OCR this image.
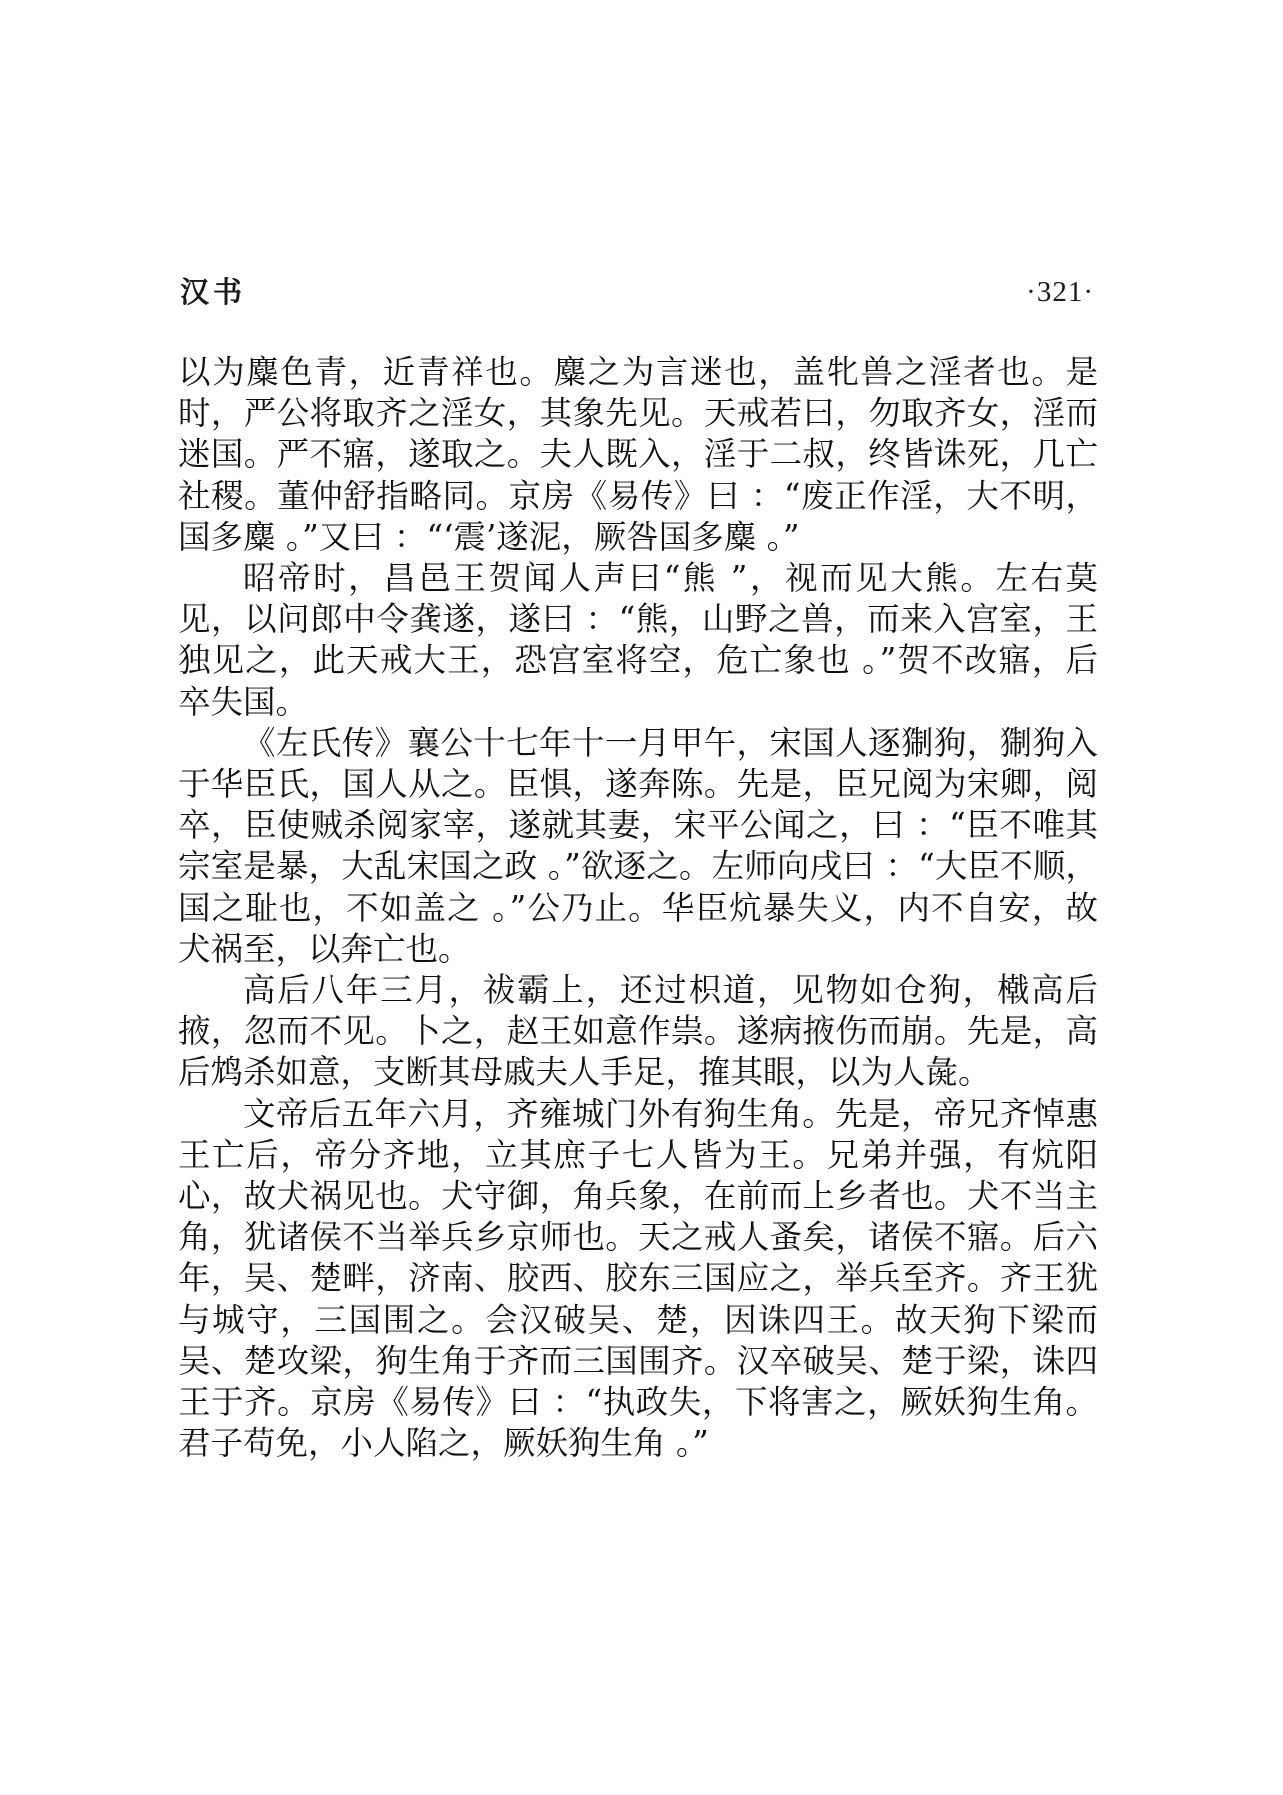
汉书	·321·

以为麋色青，近青祥也。麋之为言迷也，盖牝兽之淫者也。是时，严公将取齐之淫女，其象先见。天戒若曰，勿取齐女，淫而迷国。严不寤，遂取之。夫人既入，淫于二叔，终皆诛死，几亡社稷。董仲舒指略同。京房《易传》曰 ：“废正作淫，大不明，国多麋 。”又曰 ：“‘震’遂泥，厥咎国多麋 。”

昭帝时，昌邑王贺闻人声曰“熊 ”，视而见大熊。左右莫见，以问郎中令龚遂，遂曰 ：“熊，山野之兽，而来入宫室，王独见之，此天戒大王，恐宫室将空，危亡象也 。”贺不改寤，后卒失国。

《左氏传》襄公十七年十一月甲午，宋国人逐猘狗，猘狗入于华臣氏，国人从之。臣惧，遂奔陈。先是，臣兄阅为宋卿，阅卒，臣使贼杀阅家宰，遂就其妻，宋平公闻之，曰 ：“臣不唯其宗室是暴，大乱宋国之政 。”欲逐之。左师向戌曰 ：“大臣不顺，国之耻也，不如盖之 。”公乃止。华臣炕暴失义，内不自安，故犬祸至，以奔亡也。

高后八年三月，祓霸上，还过枳道，见物如仓狗，橶高后掖，忽而不见。卜之，赵王如意作祟。遂病掖伤而崩。先是，高后鸩杀如意，支断其母戚夫人手足，搉其眼，以为人彘。

文帝后五年六月，齐雍城门外有狗生角。先是，帝兄齐悼惠王亡后，帝分齐地，立其庶子七人皆为王。兄弟并强，有炕阳心，故犬祸见也。犬守御，角兵象，在前而上乡者也。犬不当主角，犹诸侯不当举兵乡京师也。天之戒人蚤矣，诸侯不寤。后六年，吴、楚畔，济南、胶西、胶东三国应之，举兵至齐。齐王犹与城守，三国围之。会汉破吴、楚，因诛四王。故天狗下梁而吴、楚攻梁，狗生角于齐而三国围齐。汉卒破吴、楚于梁，诛四王于齐。京房《易传》曰 ：“执政失，下将害之，厥妖狗生角。君子苟免，小人陷之，厥妖狗生角 。”
